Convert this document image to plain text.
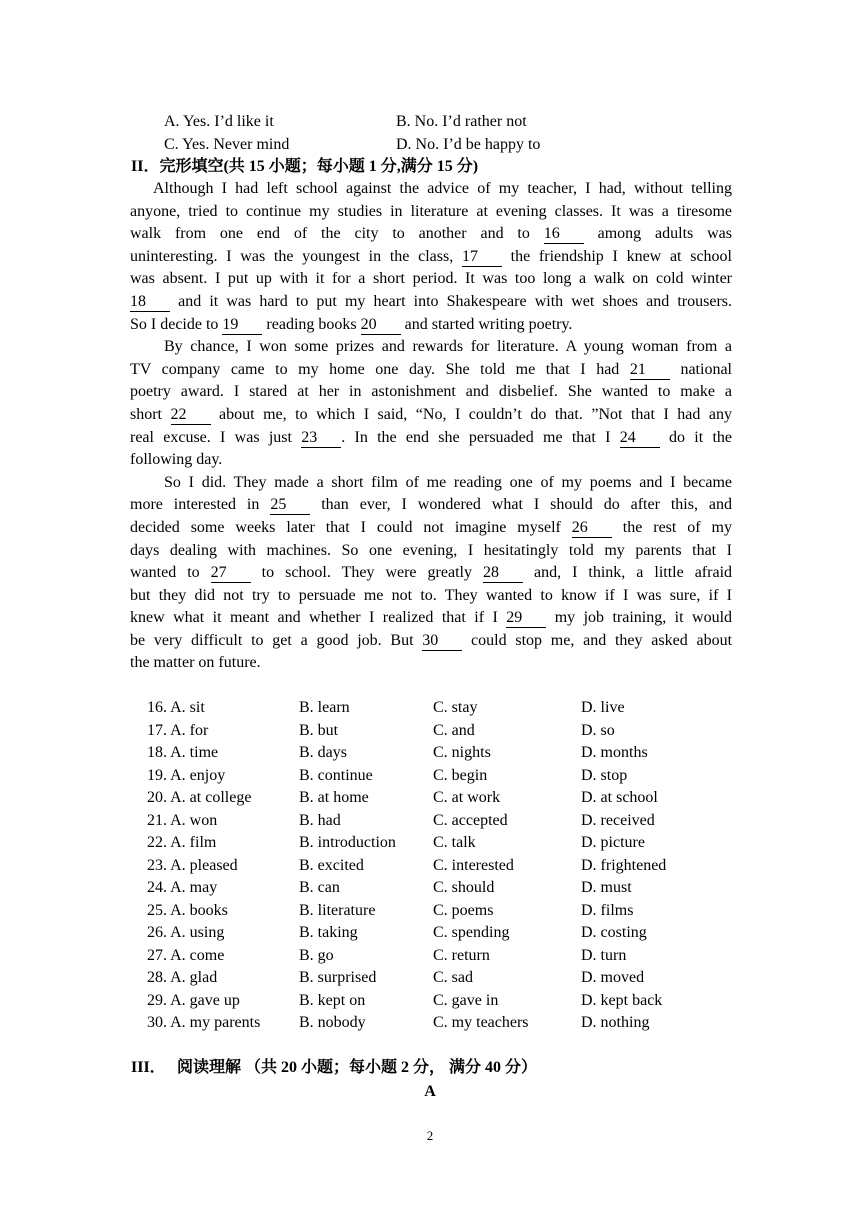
A. Yes. I’d like it	B. No. I’d rather not
C. Yes. Never mind	D. No. I’d be happy to
II．完形填空(共 15 小题；每小题 1 分,满分 15 分)
Although I had left school against the advice of my teacher, I had, without telling
anyone, tried to continue my studies in literature at evening classes. It was a tiresome
walk from one end of the city to another and to 16 among adults was
uninteresting. I was the youngest in the class, 17 the friendship I knew at school
was absent. I put up with it for a short period. It was too long a walk on cold winter
18 and it was hard to put my heart into Shakespeare with wet shoes and trousers.
So I decide to 19 reading books 20 and started writing poetry.
By chance, I won some prizes and rewards for literature. A young woman from a
TV company came to my home one day. She told me that I had 21 national
poetry award. I stared at her in astonishment and disbelief. She wanted to make a
short 22 about me, to which I said, “No, I couldn’t do that. ”Not that I had any
real excuse. I was just 23 . In the end she persuaded me that I 24 do it the
following day.
So I did. They made a short film of me reading one of my poems and I became
more interested in 25 than ever, I wondered what I should do after this, and
decided some weeks later that I could not imagine myself 26 the rest of my
days dealing with machines. So one evening, I hesitatingly told my parents that I
wanted to 27 to school. They were greatly 28 and, I think, a little afraid
but they did not try to persuade me not to. They wanted to know if I was sure, if I
knew what it meant and whether I realized that if I 29 my job training, it would
be very difficult to get a good job. But 30 could stop me, and they asked about
the matter on future.
16. A. sit	B. learn	C. stay	D. live
17. A. for	B. but	C. and	D. so
18. A. time	B. days	C. nights	D. months
19. A. enjoy	B. continue	C. begin	D. stop
20. A. at college	B. at home	C. at work	D. at school
21. A. won	B. had	C. accepted	D. received
22. A. film	B. introduction C. talk	D. picture
23. A. pleased	B. excited	C. interested	D. frightened
24. A. may	B. can	C. should	D. must
25. A. books	B. literature	C. poems	D. films
26. A. using	B. taking	C. spending	D. costing
27. A. come	B. go	C. return	D. turn
28. A. glad	B. surprised	C. sad	D. moved
29. A. gave up	B. kept on	C. gave in	D. kept back
30. A. my parents B. nobody	C. my teachers	D. nothing
III． 阅读理解 （共 20 小题；每小题 2 分， 满分 40 分）
A
2
